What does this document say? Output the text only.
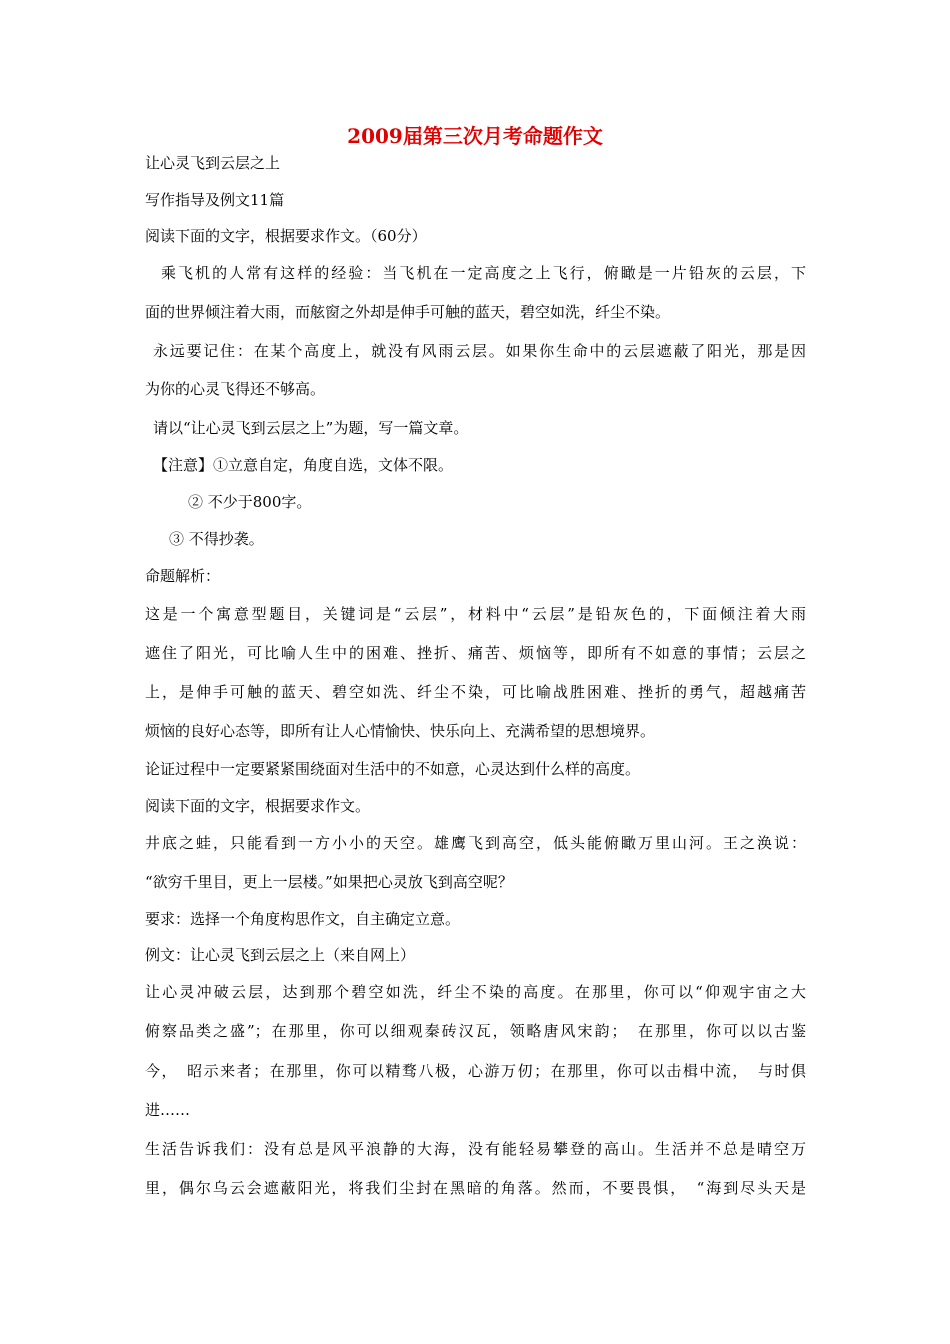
2009届第三次月考命题作文
让心灵飞到云层之上
写作指导及例文11篇
阅读下面的文字，根据要求作文。（60分）
乘飞机的人常有这样的经验：当飞机在一定高度之上飞行，俯瞰是一片铅灰的云层，下
面的世界倾注着大雨，而舷窗之外却是伸手可触的蓝天，碧空如洗，纤尘不染。
永远要记住：在某个高度上，就没有风雨云层。如果你生命中的云层遮蔽了阳光，那是因
为你的心灵飞得还不够高。
请以“让心灵飞到云层之上”为题，写一篇文章。
【注意】①立意自定，角度自选，文体不限。
② 不少于800字。
③ 不得抄袭。
命题解析：
这是一个寓意型题目，关键词是“云层”，材料中“云层”是铅灰色的，下面倾注着大雨
遮住了阳光，可比喻人生中的困难、挫折、痛苦、烦恼等，即所有不如意的事情；云层之
上，是伸手可触的蓝天、碧空如洗、纤尘不染，可比喻战胜困难、挫折的勇气，超越痛苦
烦恼的良好心态等，即所有让人心情愉快、快乐向上、充满希望的思想境界。
论证过程中一定要紧紧围绕面对生活中的不如意，心灵达到什么样的高度。
阅读下面的文字，根据要求作文。
井底之蛙，只能看到一方小小的天空。雄鹰飞到高空，低头能俯瞰万里山河。王之涣说：
“欲穷千里目，更上一层楼。”如果把心灵放飞到高空呢？
要求：选择一个角度构思作文，自主确定立意。
例文：让心灵飞到云层之上（来自网上）
让心灵冲破云层，达到那个碧空如洗，纤尘不染的高度。在那里，你可以“仰观宇宙之大
俯察品类之盛”；在那里，你可以细观秦砖汉瓦，领略唐风宋韵；　在那里，你可以以古鉴
今，　昭示来者；在那里，你可以精骛八极，心游万仞；在那里，你可以击楫中流，　与时俱
进……
生活告诉我们：没有总是风平浪静的大海，没有能轻易攀登的高山。生活并不总是晴空万
里，偶尔乌云会遮蔽阳光，将我们尘封在黑暗的角落。然而，不要畏惧，　“海到尽头天是
